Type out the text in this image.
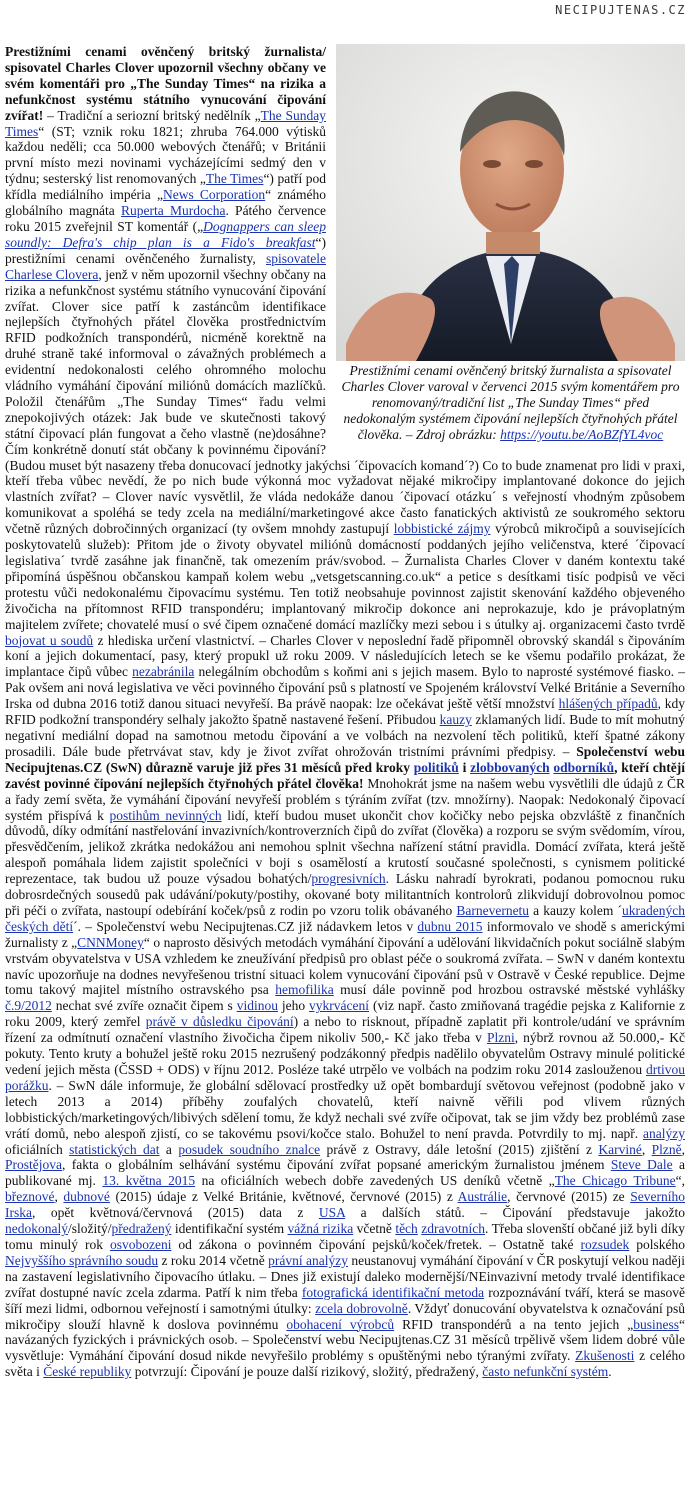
NECIPUJTENAS.CZ
Prestižními cenami ověnčený britský žurnalista a spisovatel Charles Clover varoval v červenci 2015 svým komentářem pro renomovaný/tradiční list „The Sunday Times“ před nedokonalým systémem čipování nejlepších čtyřnohých přátel člověka. – Zdroj obrázku: https://youtu.be/AoBZfYL4voc

Prestižními cenami ověnčený britský žurnalista/ spisovatel Charles Clover upozornil všechny občany ve svém komentáři pro „The Sunday Times“ na rizika a nefunkčnost systému státního vynucování čipování zvířat! – Tradiční a seriozní britský nedělník „The Sunday Times“ (ST; vznik roku 1821; zhruba 764.000 výtisků každou neděli; cca 50.000 webových čtenářů; v Británii první místo mezi novinami vycházejícími sedmý den v týdnu; sesterský list renomovaných „The Times“) patří pod křídla mediálního impéria „News Corporation“ známého globálního magnáta Ruperta Murdocha. Pátého července roku 2015 zveřejnil ST komentář („Dognappers can sleep soundly: Defra's chip plan is a Fido's breakfast“) prestižními cenami ověnčeného žurnalisty, spisovatele Charlese Clovera, jenž v něm upozornil všechny občany na rizika a nefunkčnost systému státního vynucování čipování zvířat. Clover sice patří k zastáncům identifikace nejlepších čtyřnohých přátel člověka prostřednictvím RFID podkožních transpondérů, nicméně korektně na druhé straně také informoval o závažných problémech a evidentní nedokonalosti celého ohromného molochu vládního vymáhání čipování miliónů domácích mazlíčků. Položil čtenářům „The Sunday Times“ řadu velmi znepokojivých otázek: Jak bude ve skutečnosti takový státní čipovací plán fungovat a čeho vlastně (ne)dosáhne? Čím konkrétně donutí stát občany k povinnému čipování? (Budou muset být nasazeny třeba donucovací jednotky jakýchsi ´čipovacích komand´?) Co to bude znamenat pro lidi v praxi, kteří třeba vůbec nevědí, že po nich bude výkonná moc vyžadovat nějaké mikročipy implantované dokonce do jejich vlastních zvířat? – Clover navíc vysvětlil, že vláda nedokáže danou ´čipovací otázku´ s veřejností vhodným způsobem komunikovat a spoléhá se tedy zcela na mediální/marketingové akce často fanatických aktivistů ze soukromého sektoru včetně různých dobročinných organizací (ty ovšem mnohdy zastupují lobbistické zájmy výrobců mikročipů a souvisejících poskytovatelů služeb): Přitom jde o životy obyvatel miliónů domácností poddaných jejího veličenstva, které ´čipovací legislativa´ tvrdě zasáhne jak finančně, tak omezením práv/svobod. – Žurnalista Charles Clover v daném kontextu také připomíná úspěšnou občanskou kampaň kolem webu „vetsgetscanning.co.uk“ a petice s desítkami tisíc podpisů ve věci protestu vůči nedokonalému čipovacímu systému. Ten totiž neobsahuje povinnost zajistit skenování každého objeveného živočicha na přítomnost RFID transpondéru; implantovaný mikročip dokonce ani neprokazuje, kdo je právoplatným majitelem zvířete; chovatelé musí o své čipem označené domácí mazlíčky mezi sebou i s útulky aj. organizacemi často tvrdě bojovat u soudů z hlediska určení vlastnictví. – Charles Clover v neposlední řadě připomněl obrovský skandál s čipováním koní a jejich dokumentací, pasy, který propukl už roku 2009. V následujících letech se ke všemu podařilo prokázat, že implantace čipů vůbec nezabránila nelegálním obchodům s koňmi ani s jejich masem. Bylo to naprosté systémové fiasko. – Pak ovšem ani nová legislativa ve věci povinného čipování psů s platností ve Spojeném království Velké Británie a Severního Irska od dubna 2016 totiž danou situaci nevyřeší. Ba právě naopak: lze očekávat ještě větší množství hlášených případů, kdy RFID podkožní transpondéry selhaly jakožto špatně nastavené řešení. Přibudou kauzy zklamaných lidí. Bude to mít mohutný negativní mediální dopad na samotnou metodu čipování a ve volbách na nezvolení těch politiků, kteří špatné zákony prosadili. Dále bude přetrvávat stav, kdy je život zvířat ohrožován tristními právními předpisy. – Společenství webu Necipujtenas.CZ (SwN) důrazně varuje již přes 31 měsíců před kroky politiků i zlobbovaných odborníků, kteří chtějí zavést povinné čipování nejlepších čtyřnohých přátel člověka! Mnohokrát jsme na našem webu vysvětlili dle údajů z ČR a řady zemí světa, že vymáhání čipování nevyřeší problém s týráním zvířat (tzv. množírny). Naopak: Nedokonalý čipovací systém přispívá k postihům nevinných lidí, kteří budou muset ukončit chov kočičky nebo pejska obzvláště z finančních důvodů, díky odmítání nastřelování invazivních/kontroverzních čipů do zvířat (člověka) a rozporu se svým svědomím, vírou, přesvědčením, jelikož zkrátka nedokážou ani nemohou splnit všechna nařízení státní pravidla. Domácí zvířata, která ještě alespoň pomáhala lidem zajistit společníci v boji s osamělostí a krutostí současné společnosti, s cynismem politické reprezentace, tak budou už pouze výsadou bohatých/progresivních. Lásku nahradí byrokrati, podanou pomocnou ruku dobrosrdečných sousedů pak udávání/pokuty/postihy, okované boty militantních kontrolorů zlikvidují dobrovolnou pomoc při péči o zvířata, nastoupí odebírání koček/psů z rodin po vzoru tolik obávaného Barnevernetu a kauzy kolem ´ukradených českých dětí´. – Společenství webu Necipujtenas.CZ již nádavkem letos v dubnu 2015 informovalo ve shodě s americkými žurnalisty z „CNNMoney“ o naprosto děsivých metodách vymáhání čipování a udělování likvidačních pokut sociálně slabým vrstvám obyvatelstva v USA vzhledem ke zneužívání předpisů pro oblast péče o soukromá zvířata. – SwN v daném kontextu navíc upozorňuje na dodnes nevyřešenou tristní situaci kolem vynucování čipování psů v Ostravě v České republice. Dejme tomu takový majitel místního ostravského psa hemofilika musí dále povinně pod hrozbou ostravské městské vyhlášky č.9/2012 nechat své zvíře označit čipem s vidinou jeho vykrvácení (viz např. často zmiňovaná tragédie pejska z Kalifornie z roku 2009, který zemřel právě v důsledku čipování) a nebo to risknout, případně zaplatit při kontrole/udání ve správním řízení za odmítnutí označení vlastního živočicha čipem nikoliv 500,- Kč jako třeba v Plzni, nýbrž rovnou až 50.000,- Kč pokuty. Tento kruty a bohužel ještě roku 2015 nezrušený podzákonný předpis nadělilo obyvatelům Ostravy minulé politické vedení jejich města (ČSSD + ODS) v říjnu 2012. Posléze také utrpělo ve volbách na podzim roku 2014 zaslouženou drtivou porážku. – SwN dále informuje, že globální sdělovací prostředky už opět bombardují světovou veřejnost (podobně jako v letech 2013 a 2014) příběhy zoufalých chovatelů, kteří naivně věřili pod vlivem různých lobbistických/marketingových/libivých sdělení tomu, že když nechali své zvíře očipovat, tak se jim vždy bez problémů zase vrátí domů, nebo alespoň zjistí, co se takovému psovi/kočce stalo. Bohužel to není pravda. Potvrdily to mj. např. analýzy oficiálních statistických dat a posudek soudního znalce právě z Ostravy, dále letošní (2015) zjištění z Karviné, Plzně, Prostějova, fakta o globálním selhávání systému čipování zvířat popsané americkým žurnalistou jménem Steve Dale a publikované mj. 13. května 2015 na oficiálních webech dobře zavedených US deníků včetně „The Chicago Tribune“, březnové, dubnové (2015) údaje z Velké Británie, květnové, červnové (2015) z Austrálie, červnové (2015) ze Severního Irska, opět květnová/červnová (2015) data z USA a dalších států. – Čipování představuje jakožto nedokonalý/složitý/předražený identifikační systém vážná rizika včetně těch zdravotních. Třeba slovenští občané již byli díky tomu minulý rok osvobozeni od zákona o povinném čipování pejsků/koček/fretek. – Ostatně také rozsudek polského Nejvyššího správního soudu z roku 2014 včetně právní analýzy neustanovuj vymáhání čipování v ČR poskytují velkou naději na zastavení legislativního čipovacího útlaku. – Dnes již existují daleko modernější/NEinvazivní metody trvalé identifikace zvířat dostupné navíc zcela zdarma. Patří k nim třeba fotografická identifikační metoda rozpoznávání tváří, která se masově šíří mezi lidmi, odbornou veřejností i samotnými útulky: zcela dobrovolně. Vždyť donucování obyvatelstva k označování psů mikročipy slouží hlavně k doslova povinnému obohacení výrobců RFID transpondérů a na tento jejich „business“ navázaných fyzických i právnických osob. – Společenství webu Necipujtenas.CZ 31 měsíců trpělivě všem lidem dobré vůle vysvětluje: Vymáhání čipování dosud nikde nevyřešilo problémy s opuštěnými nebo týranými zvířaty. Zkušenosti z celého světa i České republiky potvrzují: Čipování je pouze další rizikový, složitý, předražený, často nefunkční systém.
